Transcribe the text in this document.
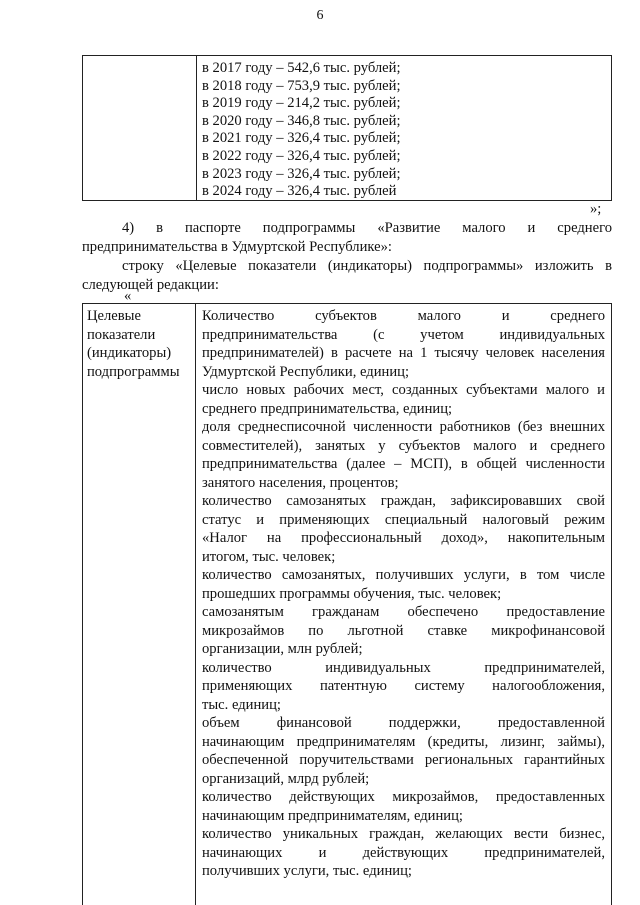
6
в 2017 году – 542,6 тыс. рублей;
в 2018 году – 753,9 тыс. рублей;
в 2019 году – 214,2 тыс. рублей;
в 2020 году – 346,8 тыс. рублей;
в 2021 году – 326,4 тыс. рублей;
в 2022 году – 326,4 тыс. рублей;
в 2023 году – 326,4 тыс. рублей;
в 2024 году – 326,4 тыс. рублей
»;
4) в паспорте подпрограммы «Развитие малого и среднего
предпринимательства в Удмуртской Республике»:
строку «Целевые показатели (индикаторы) подпрограммы» изложить в
следующей редакции:
«
Целевые
показатели
(индикаторы)
подпрограммы
Количество субъектов малого и среднего
предпринимательства (с учетом индивидуальных
предпринимателей) в расчете на 1 тысячу человек населения
Удмуртской Республики, единиц;
число новых рабочих мест, созданных субъектами малого и
среднего предпринимательства, единиц;
доля среднесписочной численности работников (без внешних
совместителей), занятых у субъектов малого и среднего
предпринимательства (далее – МСП), в общей численности
занятого населения, процентов;
количество самозанятых граждан, зафиксировавших свой
статус и применяющих специальный налоговый режим
«Налог на профессиональный доход», накопительным
итогом, тыс. человек;
количество самозанятых, получивших услуги, в том числе
прошедших программы обучения, тыс. человек;
самозанятым гражданам обеспечено предоставление
микрозаймов по льготной ставке микрофинансовой
организации, млн рублей;
количество индивидуальных предпринимателей,
применяющих патентную систему налогообложения,
тыс. единиц;
объем финансовой поддержки, предоставленной
начинающим предпринимателям (кредиты, лизинг, займы),
обеспеченной поручительствами региональных гарантийных
организаций, млрд рублей;
количество действующих микрозаймов, предоставленных
начинающим предпринимателям, единиц;
количество уникальных граждан, желающих вести бизнес,
начинающих и действующих предпринимателей,
получивших услуги, тыс. единиц;
